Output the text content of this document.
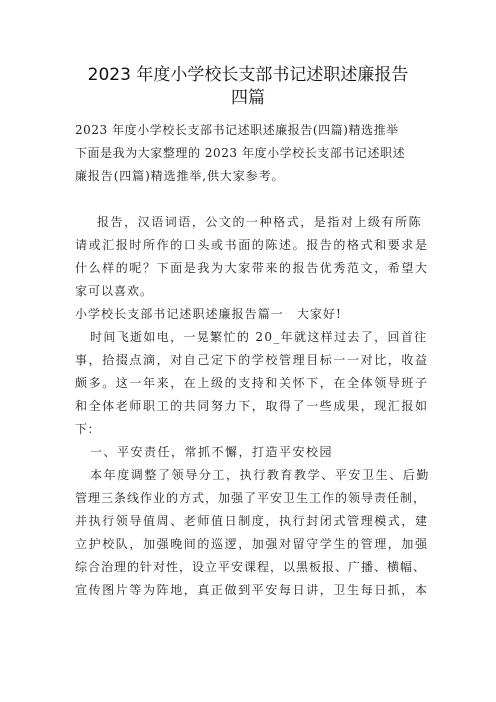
2023 年度小学校长支部书记述职述廉报告
四篇
2023 年度小学校长支部书记述职述廉报告(四篇)精选推举
下面是我为大家整理的 2023 年度小学校长支部书记述职述
廉报告(四篇)精选推举,供大家参考。
报告，汉语词语，公文的一种格式，是指对上级有所陈
请或汇报时所作的口头或书面的陈述。报告的格式和要求是
什么样的呢？下面是我为大家带来的报告优秀范文，希望大
家可以喜欢。
小学校长支部书记述职述廉报告篇一　大家好!
时间飞逝如电，一晃繁忙的 20_年就这样过去了，回首往
事，拾掇点滴，对自己定下的学校管理目标一一对比，收益
颇多。这一年来，在上级的支持和关怀下，在全体领导班子
和全体老师职工的共同努力下，取得了一些成果，现汇报如
下：
一、平安责任，常抓不懈，打造平安校园
本年度调整了领导分工，执行教育教学、平安卫生、后勤
管理三条线作业的方式，加强了平安卫生工作的领导责任制，
并执行领导值周、老师值日制度，执行封闭式管理模式，建
立护校队，加强晚间的巡逻，加强对留守学生的管理，加强
综合治理的针对性，设立平安课程，以黑板报、广播、横幅、
宣传图片等为阵地，真正做到平安每日讲，卫生每日抓，本
